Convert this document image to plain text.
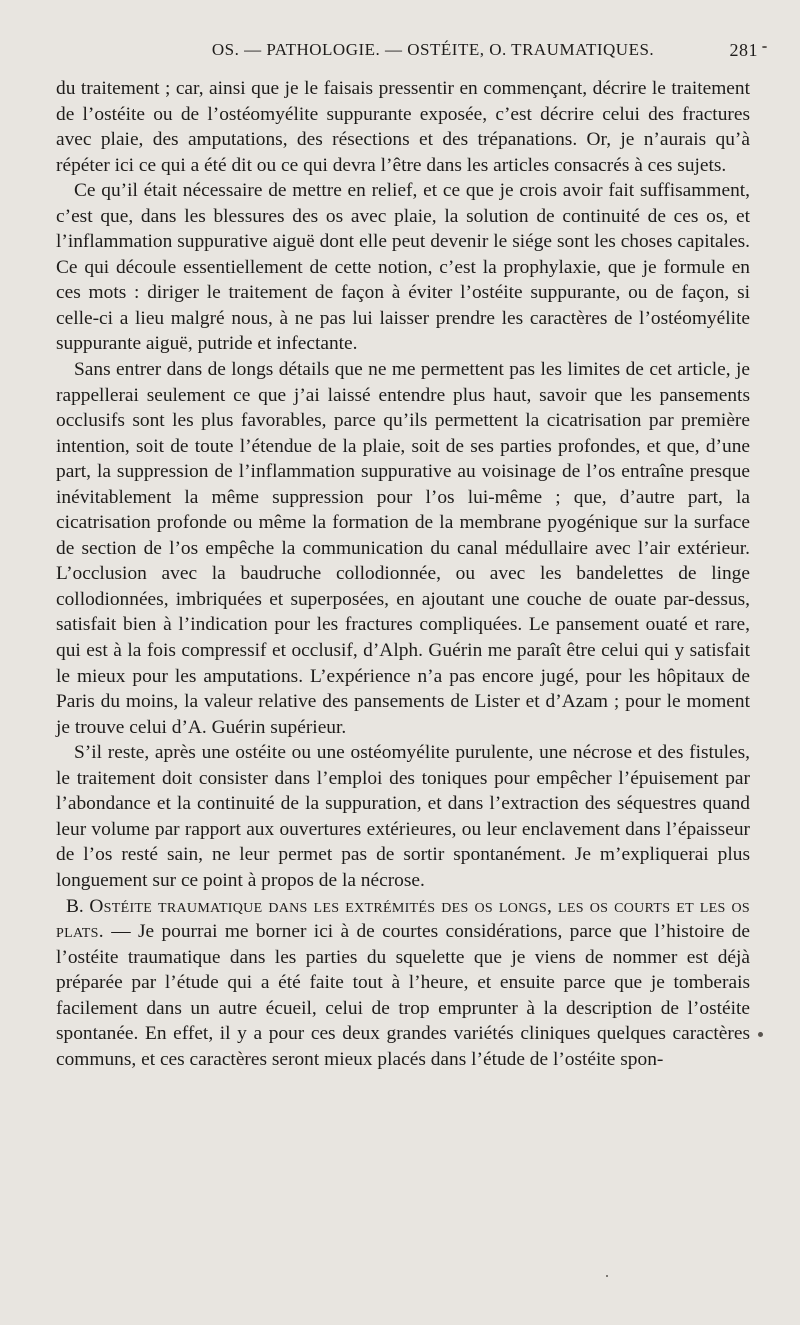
OS. — PATHOLOGIE. — OSTÉITE, O. TRAUMATIQUES.	281

du traitement ; car, ainsi que je le faisais pressentir en commençant, décrire le traitement de l’ostéite ou de l’ostéomyélite suppurante exposée, c’est décrire celui des fractures avec plaie, des amputations, des résections et des trépanations. Or, je n’aurais qu’à répéter ici ce qui a été dit ou ce qui devra l’être dans les articles consacrés à ces sujets.

Ce qu’il était nécessaire de mettre en relief, et ce que je crois avoir fait suffisamment, c’est que, dans les blessures des os avec plaie, la solution de continuité de ces os, et l’inflammation suppurative aiguë dont elle peut devenir le siége sont les choses capitales. Ce qui découle essentiellement de cette notion, c’est la prophylaxie, que je formule en ces mots : diriger le traitement de façon à éviter l’ostéite suppurante, ou de façon, si celle-ci a lieu malgré nous, à ne pas lui laisser prendre les caractères de l’ostéomyélite suppurante aiguë, putride et infectante.

Sans entrer dans de longs détails que ne me permettent pas les limites de cet article, je rappellerai seulement ce que j’ai laissé entendre plus haut, savoir que les pansements occlusifs sont les plus favorables, parce qu’ils permettent la cicatrisation par première intention, soit de toute l’étendue de la plaie, soit de ses parties profondes, et que, d’une part, la suppression de l’inflammation suppurative au voisinage de l’os entraîne presque inévitablement la même suppression pour l’os lui-même ; que, d’autre part, la cicatrisation profonde ou même la formation de la membrane pyogénique sur la surface de section de l’os empêche la communication du canal médullaire avec l’air extérieur. L’occlusion avec la baudruche collodionnée, ou avec les bandelettes de linge collodionnées, imbriquées et superposées, en ajoutant une couche de ouate par-dessus, satisfait bien à l’indication pour les fractures compliquées. Le pansement ouaté et rare, qui est à la fois compressif et occlusif, d’Alph. Guérin me paraît être celui qui y satisfait le mieux pour les amputations. L’expérience n’a pas encore jugé, pour les hôpitaux de Paris du moins, la valeur relative des pansements de Lister et d’Azam ; pour le moment je trouve celui d’A. Guérin supérieur.

S’il reste, après une ostéite ou une ostéomyélite purulente, une nécrose et des fistules, le traitement doit consister dans l’emploi des toniques pour empêcher l’épuisement par l’abondance et la continuité de la suppuration, et dans l’extraction des séquestres quand leur volume par rapport aux ouvertures extérieures, ou leur enclavement dans l’épaisseur de l’os resté sain, ne leur permet pas de sortir spontanément. Je m’expliquerai plus longuement sur ce point à propos de la nécrose.

B. Ostéite traumatique dans les extrémités des os longs, les os courts et les os plats. — Je pourrai me borner ici à de courtes considérations, parce que l’histoire de l’ostéite traumatique dans les parties du squelette que je viens de nommer est déjà préparée par l’étude qui a été faite tout à l’heure, et ensuite parce que je tomberais facilement dans un autre écueil, celui de trop emprunter à la description de l’ostéite spontanée. En effet, il y a pour ces deux grandes variétés cliniques quelques caractères communs, et ces caractères seront mieux placés dans l’étude de l’ostéite spon-
